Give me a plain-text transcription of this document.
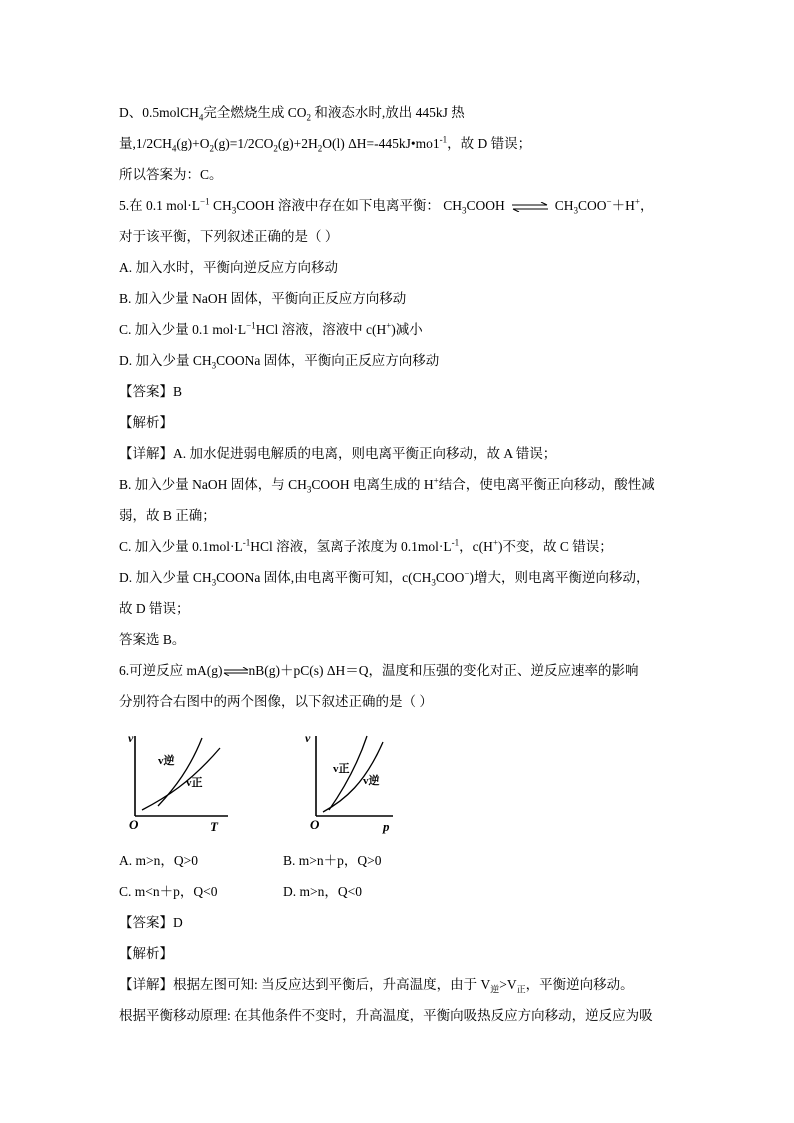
D、0.5molCH$_4$完全燃烧生成 $CO_2$ 和液态水时,放出 445kJ 热
量$,1/2CH_4(g)+O_2(g)=1/2CO_2(g)+2H_2O(l)$ $\Delta H=-445kJ•mo1^{-1}$，故 D 错误；
所以答案为：C。
5.在 0.1 $mol\cdot L^{-1}$ $CH_3COOH$ 溶液中存在如下电离平衡： $CH_3COOH$ ⇌ $CH_3COO^-+H^+$，
对于该平衡，下列叙述正确的是（ ）
A. 加入水时，平衡向逆反应方向移动
B. 加入少量 NaOH 固体，平衡向正反应方向移动
C. 加入少量 0.1 $mol\cdot L^{-1}HCl$ 溶液，溶液中 c(H+)减小
D. 加入少量 $CH_3COONa$ 固体，平衡向正反应方向移动
【答案】B
【解析】
【详解】A. 加水促进弱电解质的电离，则电离平衡正向移动，故 A 错误；
B. 加入少量 NaOH 固体，与 $CH_3COOH$ 电离生成的 H+结合，使电离平衡正向移动，酸性减
弱，故 B 正确；
C. 加入少量 $0.1mol\cdot L^{-1}HCl$ 溶液，氢离子浓度为 $0.1mol\cdot L^{-1}$，c(H+)不变，故 C 错误；
D. 加入少量 $CH_3COONa$ 固体,由电离平衡可知，$c(CH_3COO^-)$增大，则电离平衡逆向移动，
故 D 错误；
答案选 B。
6.可逆反应 mA(g)⇌nB(g)＋pC(s) ΔH＝Q，温度和压强的变化对正、逆反应速率的影响
分别符合右图中的两个图像，以下叙述正确的是（ ）
v
O	T
v逆
v正
v
O	p
v正
v逆
A. m>n，Q>0	B. m>n＋p，Q>0
C. m<n＋p，Q<0	D. m>n，Q<0
【答案】D
【解析】
【详解】根据左图可知: 当反应达到平衡后，升高温度，由于 $V_逆>V_正$，平衡逆向移动。
根据平衡移动原理: 在其他条件不变时，升高温度，平衡向吸热反应方向移动，逆反应为吸
